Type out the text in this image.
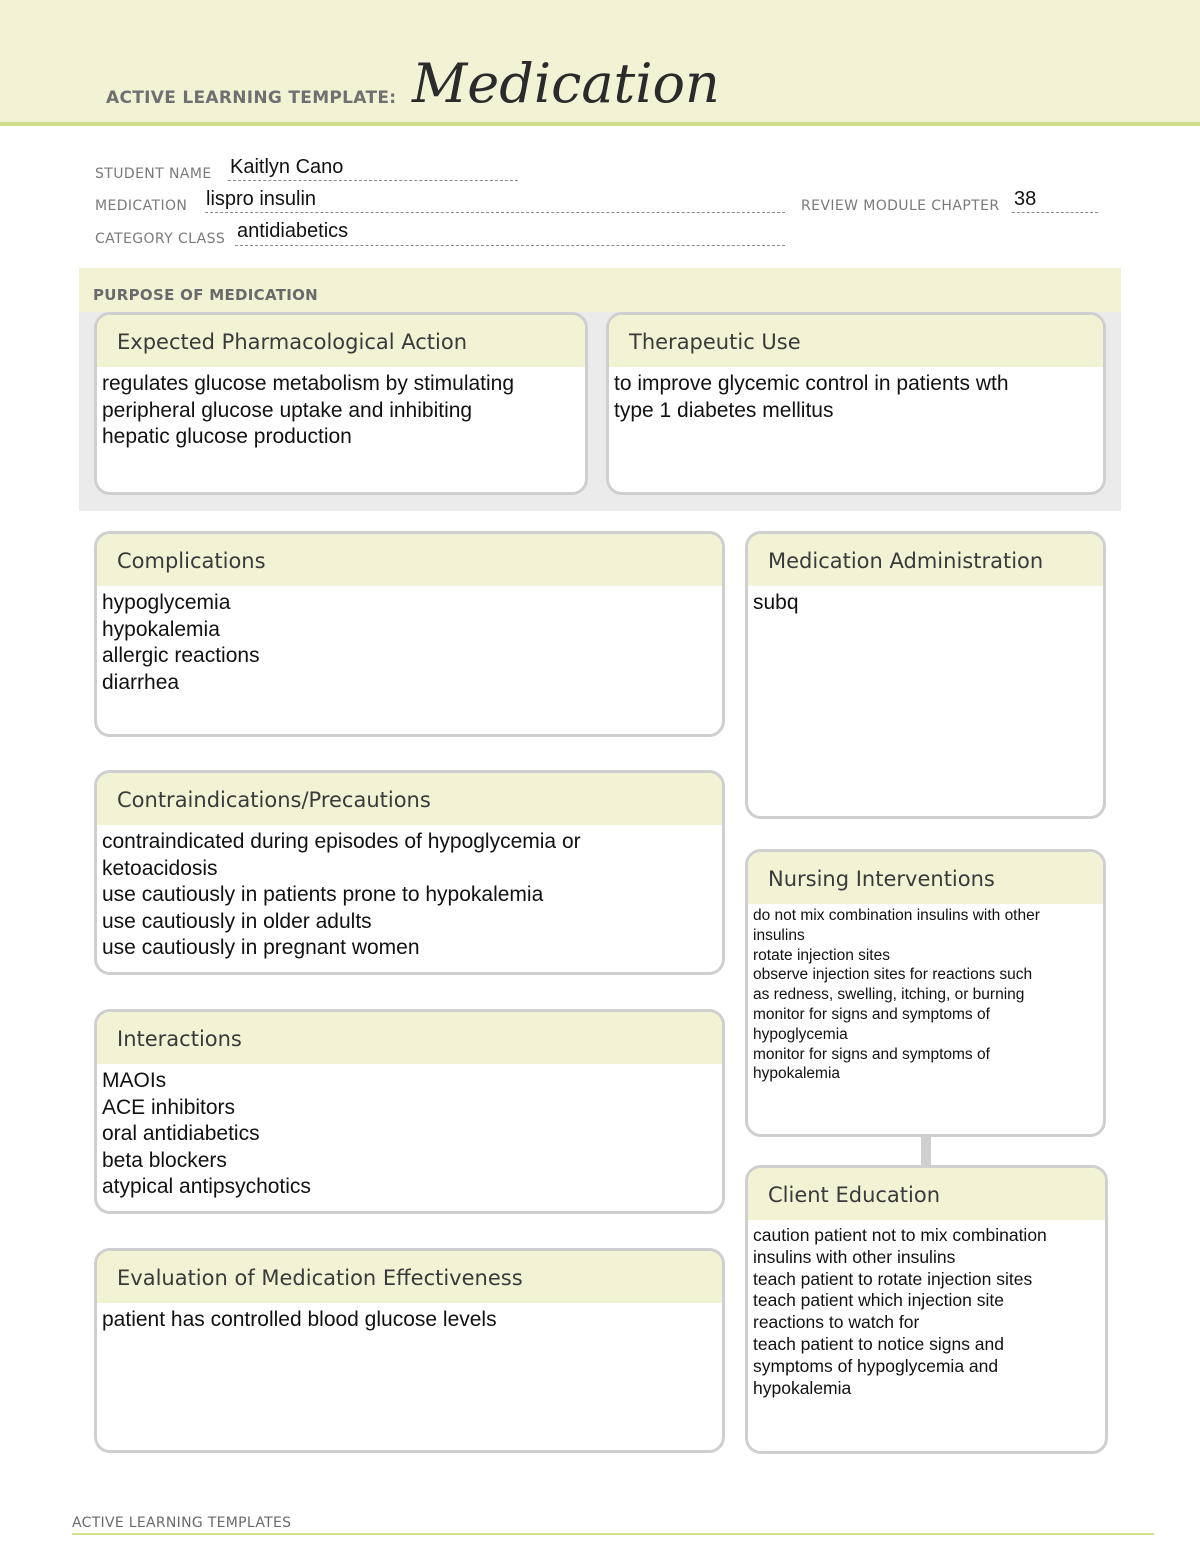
ACTIVE LEARNING TEMPLATE: Medication
STUDENT NAME Kaitlyn Cano
MEDICATION lispro insulin	REVIEW MODULE CHAPTER 38
CATEGORY CLASS antidiabetics
PURPOSE OF MEDICATION
Expected Pharmacological Action
regulates glucose metabolism by stimulating
peripheral glucose uptake and inhibiting
hepatic glucose production
Therapeutic Use
to improve glycemic control in patients wth
type 1 diabetes mellitus
Complications
hypoglycemia
hypokalemia
allergic reactions
diarrhea
Contraindications/Precautions
contraindicated during episodes of hypoglycemia or
ketoacidosis
use cautiously in patients prone to hypokalemia
use cautiously in older adults
use cautiously in pregnant women
Interactions
MAOIs
ACE inhibitors
oral antidiabetics
beta blockers
atypical antipsychotics
Evaluation of Medication Effectiveness
patient has controlled blood glucose levels
Medication Administration
subq
Nursing Interventions
do not mix combination insulins with other
insulins
rotate injection sites
observe injection sites for reactions such
as redness, swelling, itching, or burning
monitor for signs and symptoms of
hypoglycemia
monitor for signs and symptoms of
hypokalemia
Client Education
caution patient not to mix combination
insulins with other insulins
teach patient to rotate injection sites
teach patient which injection site
reactions to watch for
teach patient to notice signs and
symptoms of hypoglycemia and
hypokalemia
ACTIVE LEARNING TEMPLATES
